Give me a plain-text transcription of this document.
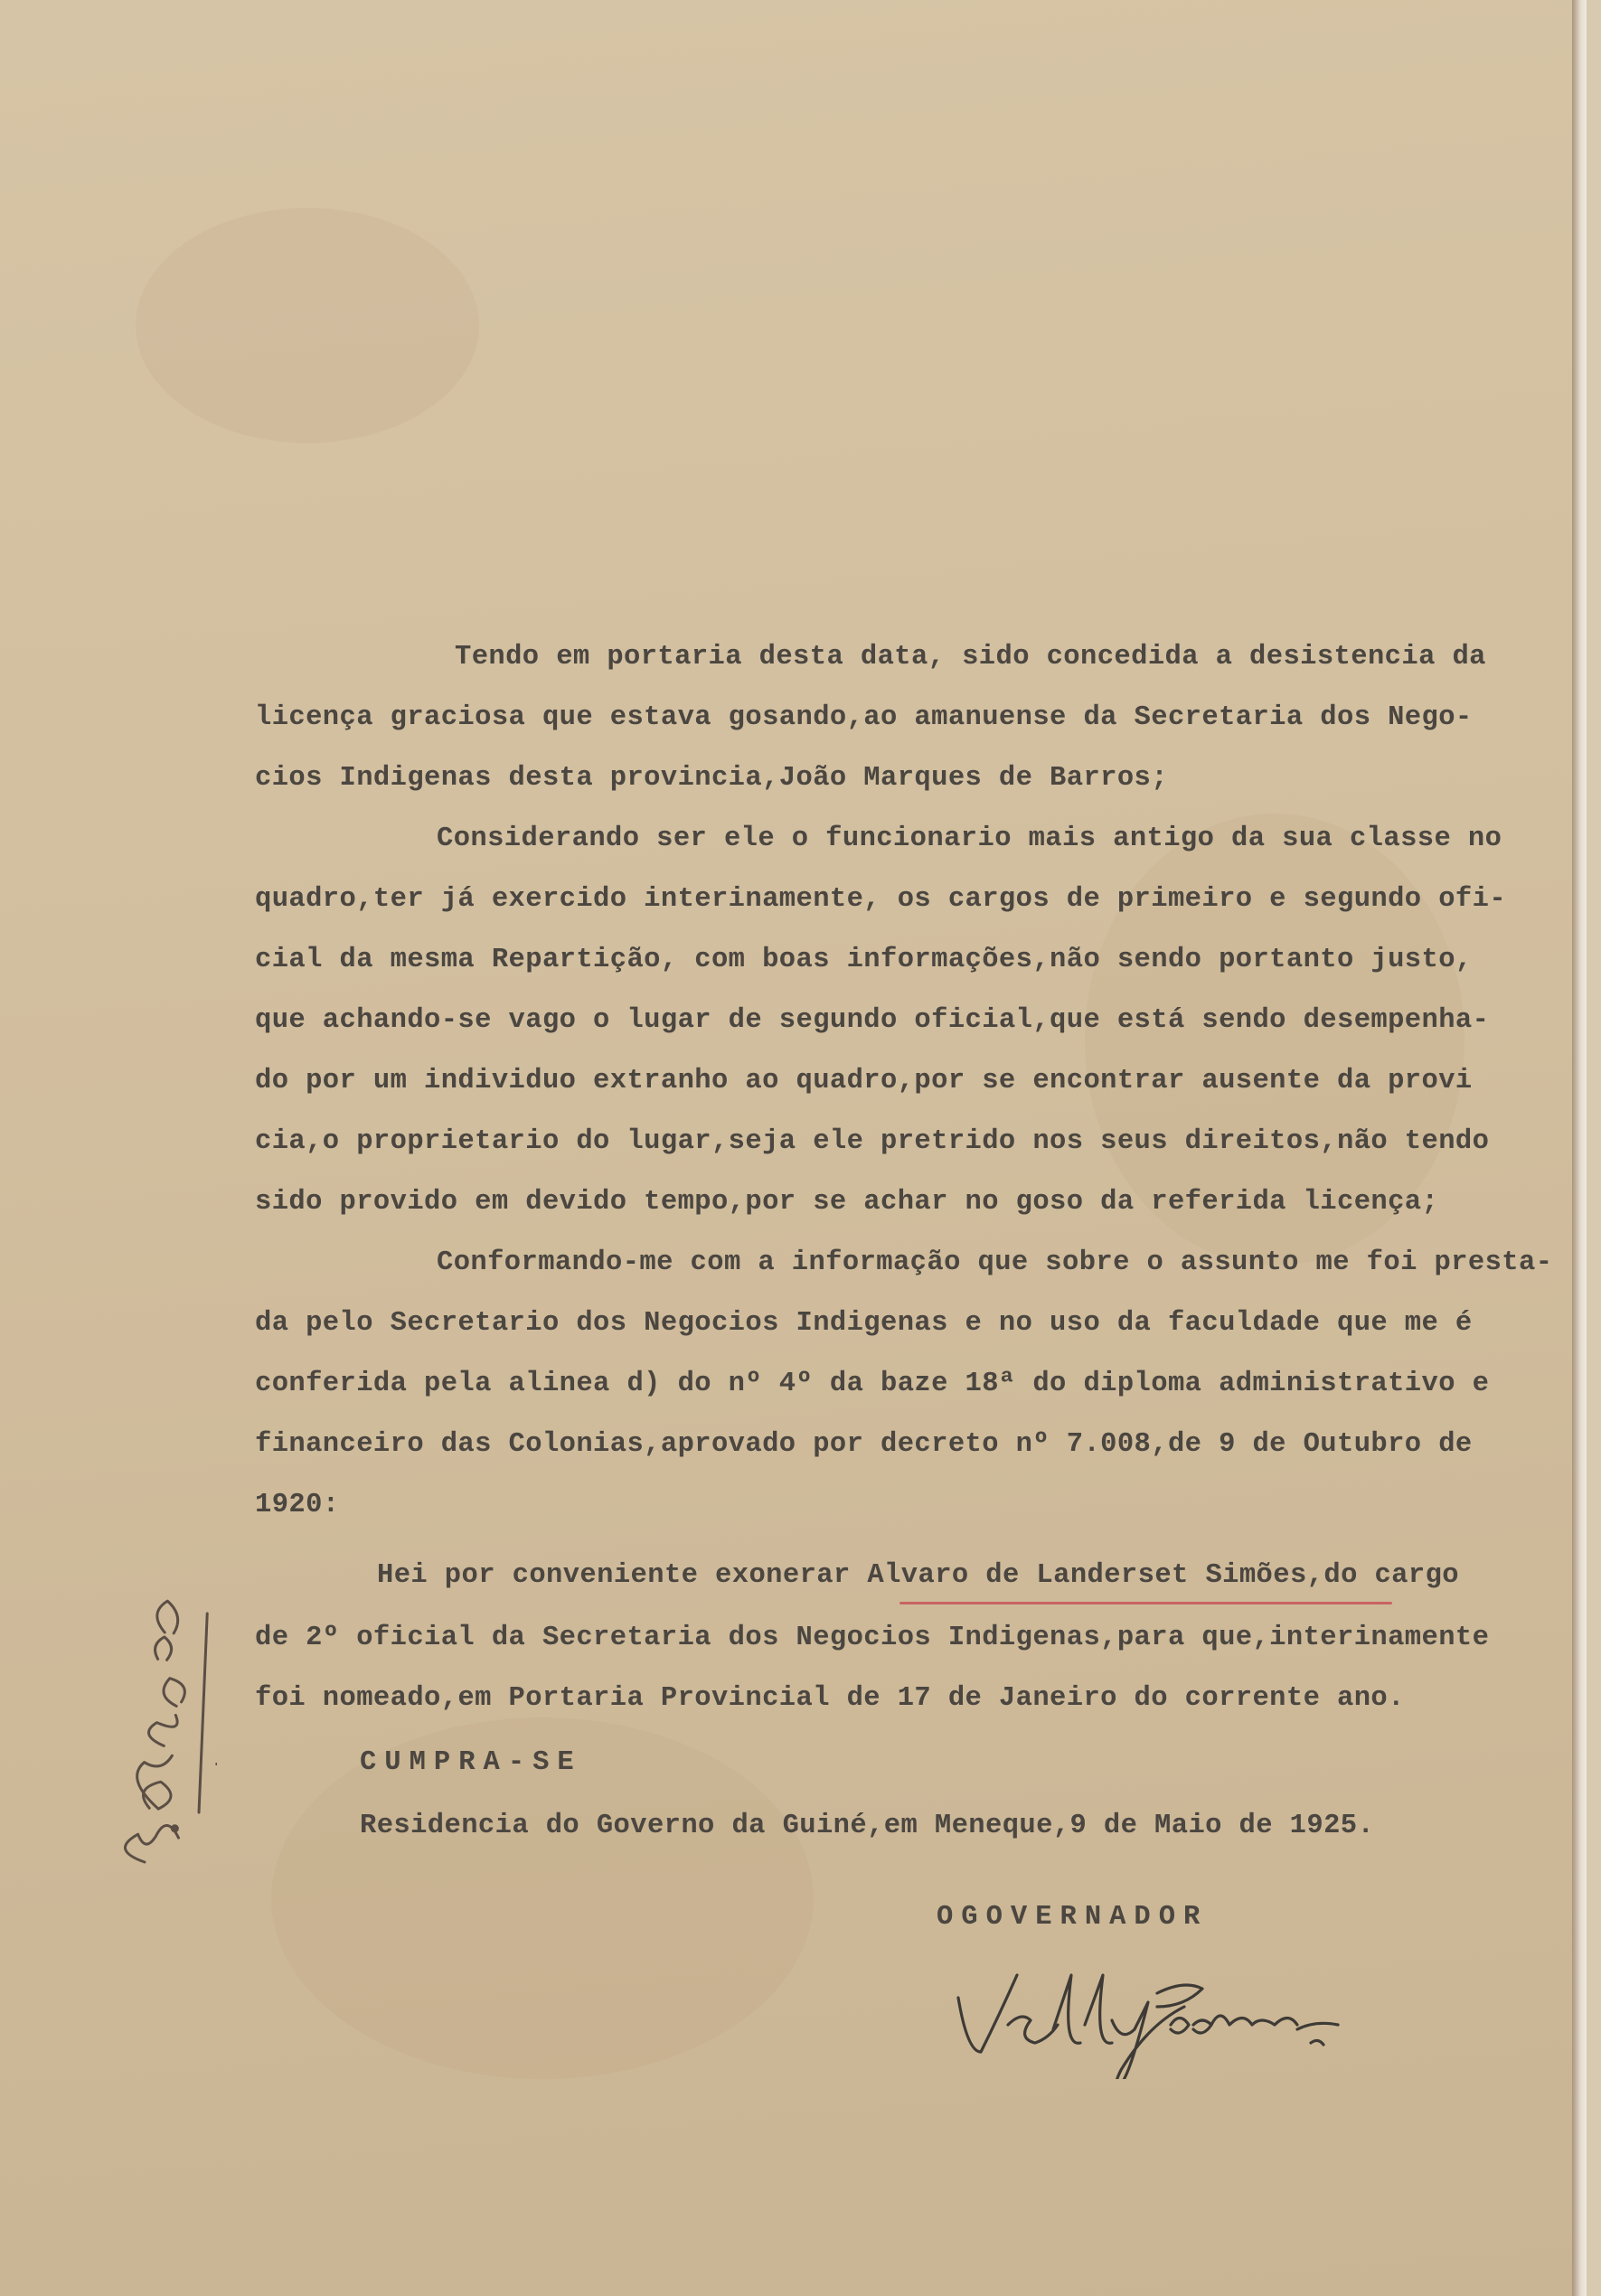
Tendo em portaria desta data, sido concedida a desistencia da

licença graciosa que estava gosando,ao amanuense da Secretaria dos Nego-

cios Indigenas desta provincia,João Marques de Barros;

Considerando ser ele o funcionario mais antigo da sua classe no

quadro,ter já exercido interinamente, os cargos de primeiro e segundo ofi-

cial da mesma Repartição, com boas informações,não sendo portanto justo,

que achando-se vago o lugar de segundo oficial,que está sendo desempenha-

do por um individuo extranho ao quadro,por se encontrar ausente da provi

cia,o proprietario do lugar,seja ele pretrido nos seus direitos,não tendo

sido provido em devido tempo,por se achar no goso da referida licença;

Conformando-me com a informação que sobre o assunto me foi presta-

da pelo Secretario dos Negocios Indigenas e no uso da faculdade que me é

conferida pela alinea d) do nº 4º da baze 18ª do diploma administrativo e

financeiro das Colonias,aprovado por decreto nº 7.008,de 9 de Outubro de

1920:

Hei por conveniente exonerar Alvaro de Landerset Simões,do cargo

de 2º oficial da Secretaria dos Negocios Indigenas,para que,interinamente

foi nomeado,em Portaria Provincial de 17 de Janeiro do corrente ano.

CUMPRA-SE

Residencia do Governo da Guiné,em Meneque,9 de Maio de 1925.

OGOVERNADOR
